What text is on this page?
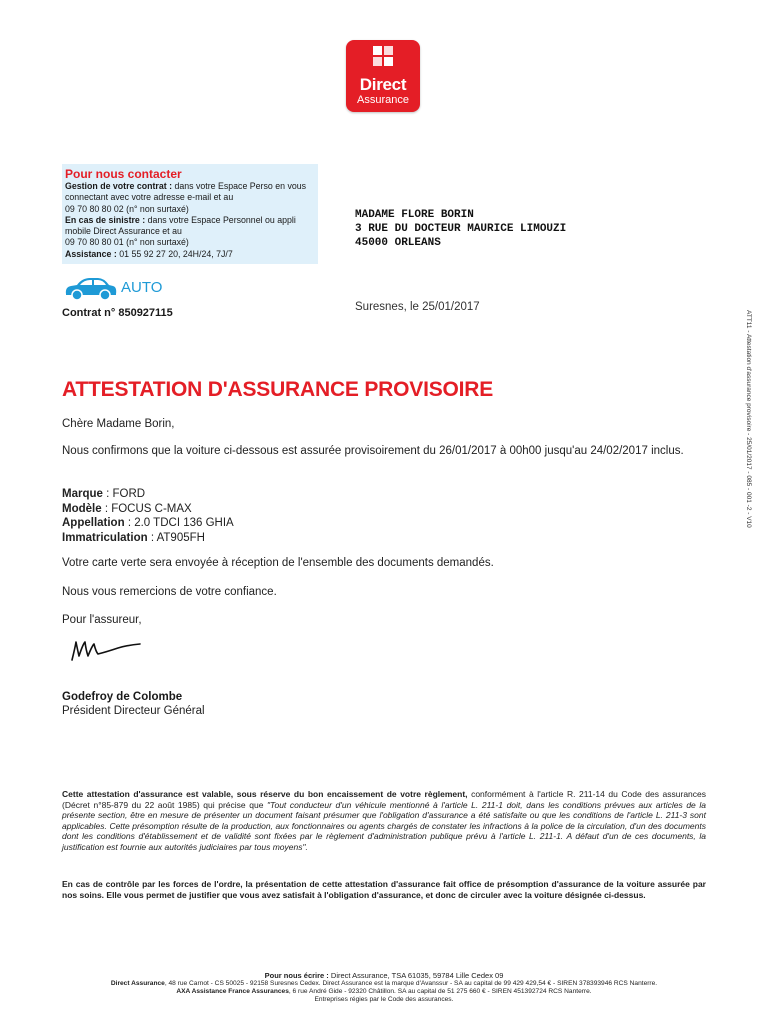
Direct
Assurance
Pour nous contacter
Gestion de votre contrat : dans votre Espace Perso en vous connectant avec votre adresse e-mail et au
09 70 80 80 02 (n° non surtaxé)
En cas de sinistre : dans votre Espace Personnel ou appli mobile Direct Assurance et au
09 70 80 80 01 (n° non surtaxé)
Assistance : 01 55 92 27 20, 24H/24, 7J/7
MADAME FLORE BORIN
3 RUE DU DOCTEUR MAURICE LIMOUZI
45000 ORLEANS
AUTO
Contrat n° 850927115	Suresnes, le 25/01/2017
ATT11 - Attestation d'assurance provisoire - 25/01/2017 - 085 - 001 -2 - V10
ATTESTATION D'ASSURANCE PROVISOIRE
Chère Madame Borin,
Nous confirmons que la voiture ci-dessous est assurée provisoirement du 26/01/2017 à 00h00 jusqu'au 24/02/2017 inclus.
Marque : FORD
Modèle : FOCUS C-MAX
Appellation : 2.0 TDCI 136 GHIA
Immatriculation : AT905FH
Votre carte verte sera envoyée à réception de l'ensemble des documents demandés.
Nous vous remercions de votre confiance.
Pour l'assureur,
Godefroy de Colombe
Président Directeur Général
Cette attestation d'assurance est valable, sous réserve du bon encaissement de votre règlement, conformément à l'article R. 211-14 du Code des assurances (Décret n°85-879 du 22 août 1985) qui précise que "Tout conducteur d'un véhicule mentionné à l'article L. 211-1 doit, dans les conditions prévues aux articles de la présente section, être en mesure de présenter un document faisant présumer que l'obligation d'assurance a été satisfaite ou que les conditions de l'article L. 211-3 sont applicables. Cette présomption résulte de la production, aux fonctionnaires ou agents chargés de constater les infractions à la police de la circulation, d'un des documents dont les conditions d'établissement et de validité sont fixées par le règlement d'administration publique prévu à l'article L. 211-1. A défaut d'un de ces documents, la justification est fournie aux autorités judiciaires par tous moyens".
En cas de contrôle par les forces de l'ordre, la présentation de cette attestation d'assurance fait office de présomption d'assurance de la voiture assurée par nos soins. Elle vous permet de justifier que vous avez satisfait à l'obligation d'assurance, et donc de circuler avec la voiture désignée ci-dessus.
Pour nous écrire : Direct Assurance, TSA 61035, 59784 Lille Cedex 09
Direct Assurance, 48 rue Carnot - CS 50025 - 92158 Suresnes Cedex. Direct Assurance est la marque d'Avanssur - SA au capital de 99 429 429,54 € - SIREN 378393946 RCS Nanterre.
AXA Assistance France Assurances, 6 rue André Gide - 92320 Châtillon. SA au capital de 51 275 660 € - SIREN 451392724 RCS Nanterre.
Entreprises régies par le Code des assurances.
